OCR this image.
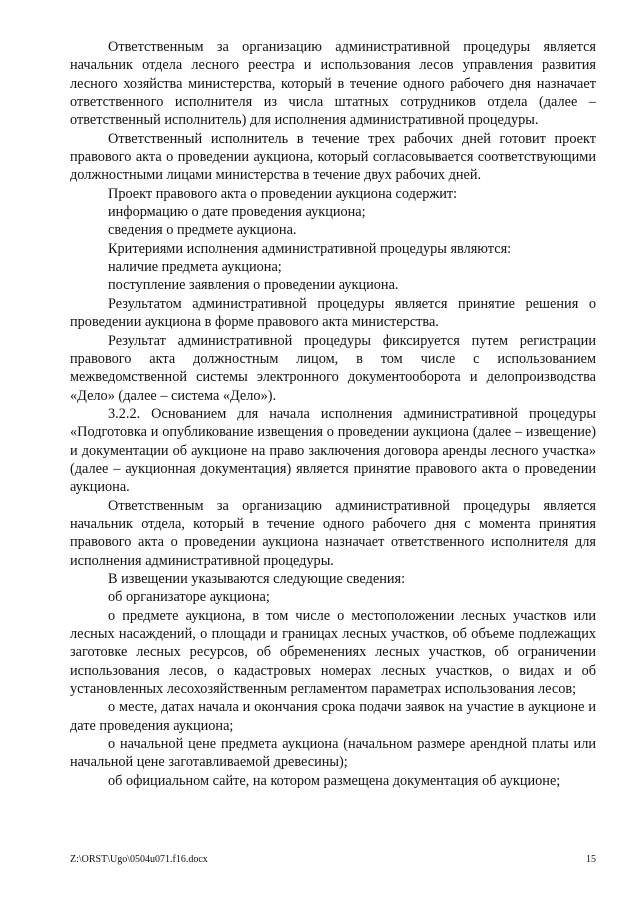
Ответственным за организацию административной процедуры является начальник отдела лесного реестра и использования лесов управления развития лесного хозяйства министерства, который в течение одного рабочего дня назначает ответственного исполнителя из числа штатных сотрудников отдела (далее – ответственный исполнитель) для исполнения административной процедуры.

Ответственный исполнитель в течение трех рабочих дней готовит проект правового акта о проведении аукциона, который согласовывается соответствующими должностными лицами министерства в течение двух рабочих дней.

Проект правового акта о проведении аукциона содержит:

информацию о дате проведения аукциона;

сведения о предмете аукциона.

Критериями исполнения административной процедуры являются:

наличие предмета аукциона;

поступление заявления о проведении аукциона.

Результатом административной процедуры является принятие решения о проведении аукциона в форме правового акта министерства.

Результат административной процедуры фиксируется путем регистрации правового акта должностным лицом, в том числе с использованием межведомственной системы электронного документооборота и делопроизводства «Дело» (далее – система «Дело»).

3.2.2. Основанием для начала исполнения административной процедуры «Подготовка и опубликование извещения о проведении аукциона (далее – извещение) и документации об аукционе на право заключения договора аренды лесного участка» (далее – аукционная документация) является принятие правового акта о проведении аукциона.

Ответственным за организацию административной процедуры является начальник отдела, который в течение одного рабочего дня с момента принятия правового акта о проведении аукциона назначает ответственного исполнителя для исполнения административной процедуры.

В извещении указываются следующие сведения:

об организаторе аукциона;

о предмете аукциона, в том числе о местоположении лесных участков или лесных насаждений, о площади и границах лесных участков, об объеме подлежащих заготовке лесных ресурсов, об обременениях лесных участков, об ограничении использования лесов, о кадастровых номерах лесных участков, о видах и об установленных лесохозяйственным регламентом параметрах использования лесов;

о месте, датах начала и окончания срока подачи заявок на участие в аукционе и дате проведения аукциона;

о начальной цене предмета аукциона (начальном размере арендной платы или начальной цене заготавливаемой древесины);

об официальном сайте, на котором размещена документация об аукционе;

Z:\ORST\Ugo\0504u071.f16.docx	15
